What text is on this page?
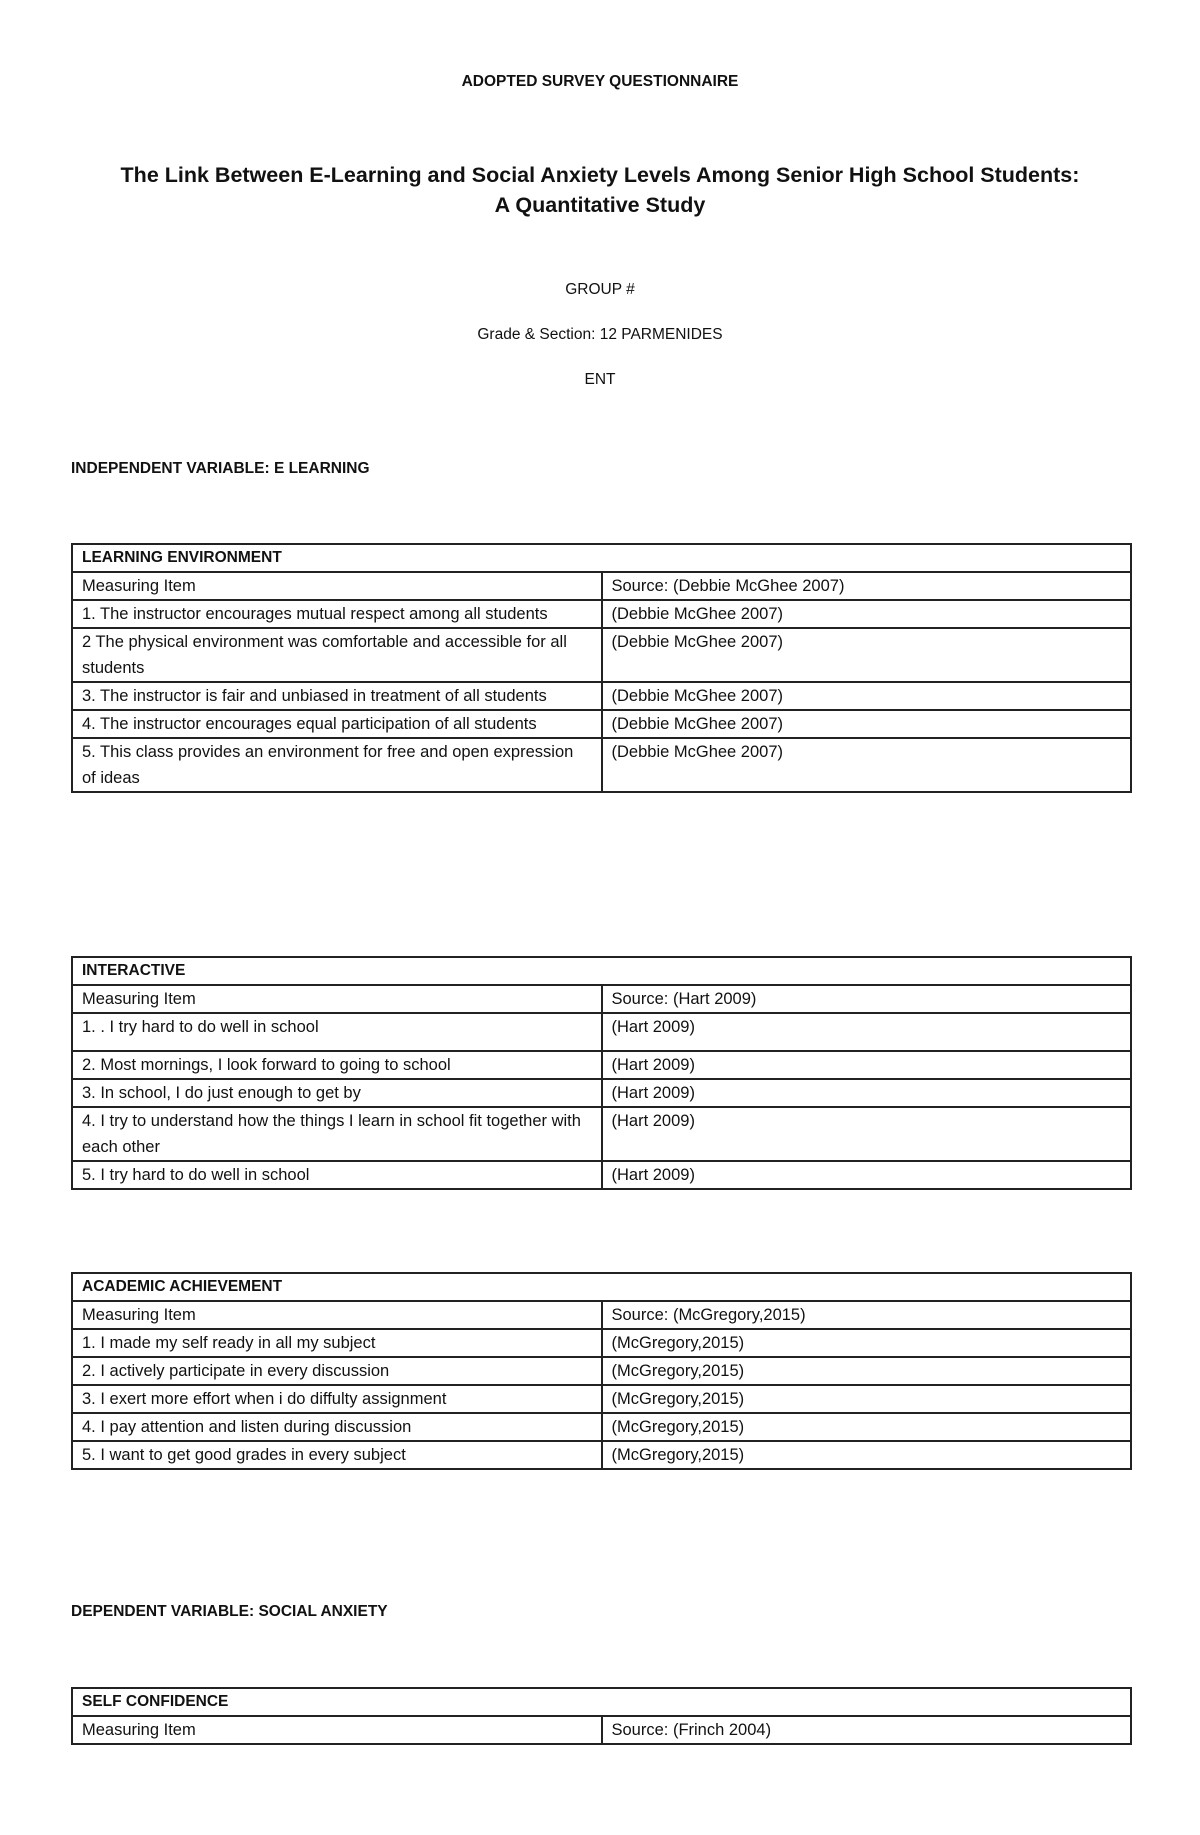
ADOPTED SURVEY QUESTIONNAIRE
The Link Between E-Learning and Social Anxiety Levels Among Senior High School Students:
A Quantitative Study
GROUP #
Grade & Section: 12 PARMENIDES
ENT
INDEPENDENT VARIABLE: E LEARNING
LEARNING ENVIRONMENT	
Measuring Item	Source: (Debbie McGhee 2007)
1. The instructor encourages mutual respect among all students	(Debbie McGhee 2007)
2 The physical environment was comfortable and accessible for all students	(Debbie McGhee 2007)
3. The instructor is fair and unbiased in treatment of all students	(Debbie McGhee 2007)
4. The instructor encourages equal participation of all students	(Debbie McGhee 2007)
5. This class provides an environment for free and open expression of ideas	(Debbie McGhee 2007)
INTERACTIVE	
Measuring Item	Source: (Hart 2009)
1. . I try hard to do well in school	(Hart 2009)
2. Most mornings, I look forward to going to school	(Hart 2009)
3. In school, I do just enough to get by	(Hart 2009)
4. I try to understand how the things I learn in school fit together with each other	(Hart 2009)
5. I try hard to do well in school	(Hart 2009)
ACADEMIC ACHIEVEMENT	
Measuring Item	Source: (McGregory,2015)
1. I made my self ready in all my subject	(McGregory,2015)
2. I actively participate in every discussion	(McGregory,2015)
3. I exert more effort when i do diffulty assignment	(McGregory,2015)
4. I pay attention and listen during discussion	(McGregory,2015)
5. I want to get good grades in every subject	(McGregory,2015)
DEPENDENT VARIABLE: SOCIAL ANXIETY
SELF CONFIDENCE
Measuring Item	Source: (Frinch 2004)
